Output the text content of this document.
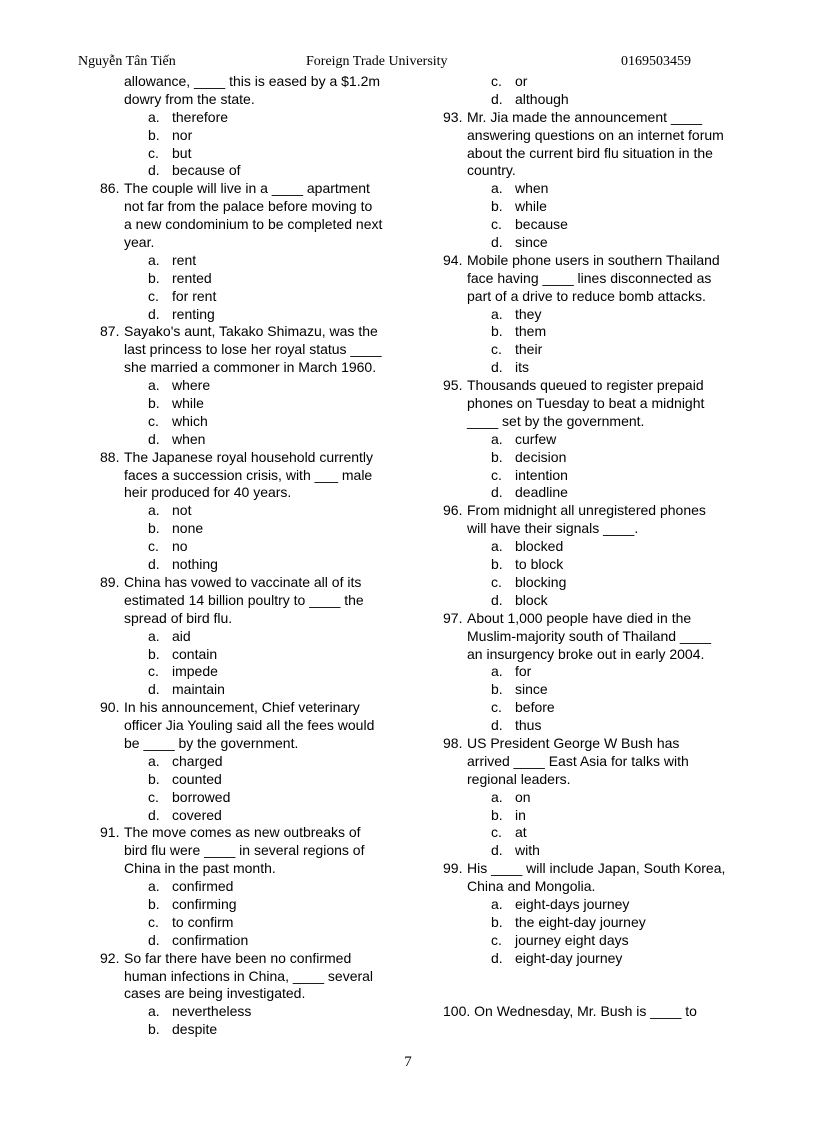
Nguyễn Tân Tiến	Foreign Trade University	0169503459
allowance, ____ this is eased by a $1.2m
dowry from the state.
a. therefore
b. nor
c. but
d. because of
86. The couple will live in a ____ apartment
not far from the palace before moving to
a new condominium to be completed next
year.
a. rent
b. rented
c. for rent
d. renting
87. Sayako's aunt, Takako Shimazu, was the
last princess to lose her royal status ____
she married a commoner in March 1960.
a. where
b. while
c. which
d. when
88. The Japanese royal household currently
faces a succession crisis, with ___ male
heir produced for 40 years.
a. not
b. none
c. no
d. nothing
89. China has vowed to vaccinate all of its
estimated 14 billion poultry to ____ the
spread of bird flu.
a. aid
b. contain
c. impede
d. maintain
90. In his announcement, Chief veterinary
officer Jia Youling said all the fees would
be ____ by the government.
a. charged
b. counted
c. borrowed
d. covered
91. The move comes as new outbreaks of
bird flu were ____ in several regions of
China in the past month.
a. confirmed
b. confirming
c. to confirm
d. confirmation
92. So far there have been no confirmed
human infections in China, ____ several
cases are being investigated.
a. nevertheless
b. despite
c. or
d. although
93. Mr. Jia made the announcement ____
answering questions on an internet forum
about the current bird flu situation in the
country.
a. when
b. while
c. because
d. since
94. Mobile phone users in southern Thailand
face having ____ lines disconnected as
part of a drive to reduce bomb attacks.
a. they
b. them
c. their
d. its
95. Thousands queued to register prepaid
phones on Tuesday to beat a midnight
____ set by the government.
a. curfew
b. decision
c. intention
d. deadline
96. From midnight all unregistered phones
will have their signals ____.
a. blocked
b. to block
c. blocking
d. block
97. About 1,000 people have died in the
Muslim-majority south of Thailand ____
an insurgency broke out in early 2004.
a. for
b. since
c. before
d. thus
98. US President George W Bush has
arrived ____ East Asia for talks with
regional leaders.
a. on
b. in
c. at
d. with
99. His ____ will include Japan, South Korea,
China and Mongolia.
a. eight-days journey
b. the eight-day journey
c. journey eight days
d. eight-day journey
100. On Wednesday, Mr. Bush is ____ to
7
